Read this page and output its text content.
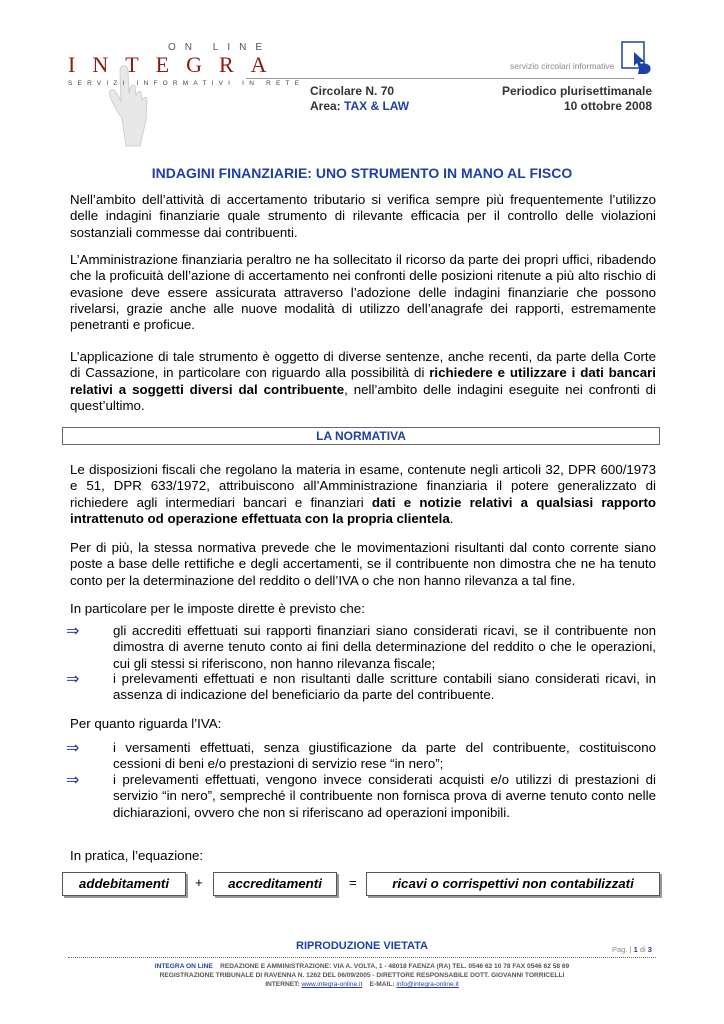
ON LINE
INTEGRA
SERVIZI INFORMATIVI IN RETE
servizio circolari informative
Circolare N. 70
Area: TAX & LAW
Periodico plurisettimanale
10 ottobre 2008
INDAGINI FINANZIARIE: UNO STRUMENTO IN MANO AL FISCO
Nell’ambito dell’attività di accertamento tributario si verifica sempre più frequentemente l’utilizzo delle indagini finanziarie quale strumento di rilevante efficacia per il controllo delle violazioni sostanziali commesse dai contribuenti.
L’Amministrazione finanziaria peraltro ne ha sollecitato il ricorso da parte dei propri uffici, ribadendo che la proficuità dell’azione di accertamento nei confronti delle posizioni ritenute a più alto rischio di evasione deve essere assicurata attraverso l’adozione delle indagini finanziarie che possono rivelarsi, grazie anche alle nuove modalità di utilizzo dell’anagrafe dei rapporti, estremamente penetranti e proficue.
L’applicazione di tale strumento è oggetto di diverse sentenze, anche recenti, da parte della Corte di Cassazione, in particolare con riguardo alla possibilità di richiedere e utilizzare i dati bancari relativi a soggetti diversi dal contribuente, nell’ambito delle indagini eseguite nei confronti di quest’ultimo.
LA NORMATIVA
Le disposizioni fiscali che regolano la materia in esame, contenute negli articoli 32, DPR 600/1973 e 51, DPR 633/1972, attribuiscono all’Amministrazione finanziaria il potere generalizzato di richiedere agli intermediari bancari e finanziari dati e notizie relativi a qualsiasi rapporto intrattenuto od operazione effettuata con la propria clientela.
Per di più, la stessa normativa prevede che le movimentazioni risultanti dal conto corrente siano poste a base delle rettifiche e degli accertamenti, se il contribuente non dimostra che ne ha tenuto conto per la determinazione del reddito o dell’IVA o che non hanno rilevanza a tal fine.
In particolare per le imposte dirette è previsto che:
⇒	gli accrediti effettuati sui rapporti finanziari siano considerati ricavi, se il contribuente non dimostra di averne tenuto conto ai fini della determinazione del reddito o che le operazioni, cui gli stessi si riferiscono, non hanno rilevanza fiscale;
⇒	i prelevamenti effettuati e non risultanti dalle scritture contabili siano considerati ricavi, in assenza di indicazione del beneficiario da parte del contribuente.
Per quanto riguarda l’IVA:
⇒	i versamenti effettuati, senza giustificazione da parte del contribuente, costituiscono cessioni di beni e/o prestazioni di servizio rese “in nero”;
⇒	i prelevamenti effettuati, vengono invece considerati acquisti e/o utilizzi di prestazioni di servizio “in nero”, sempreché il contribuente non fornisca prova di averne tenuto conto nelle dichiarazioni, ovvero che non si riferiscano ad operazioni imponibili.
In pratica, l’equazione:
addebitamenti	+	accreditamenti	=	ricavi o corrispettivi non contabilizzati
RIPRODUZIONE VIETATA	Pag. | 1 di 3
INTEGRA ON LINE REDAZIONE E AMMINISTRAZIONE: VIA A. VOLTA, 1 - 48018 FAENZA (RA) TEL. 0546 62 10 78 FAX 0546 62 58 69
REGISTRAZIONE TRIBUNALE DI RAVENNA N. 1262 DEL 06/09/2005 - DIRETTORE RESPONSABILE DOTT. GIOVANNI TORRICELLI
INTERNET: www.integra-online.it E-MAIL: info@integra-online.it
